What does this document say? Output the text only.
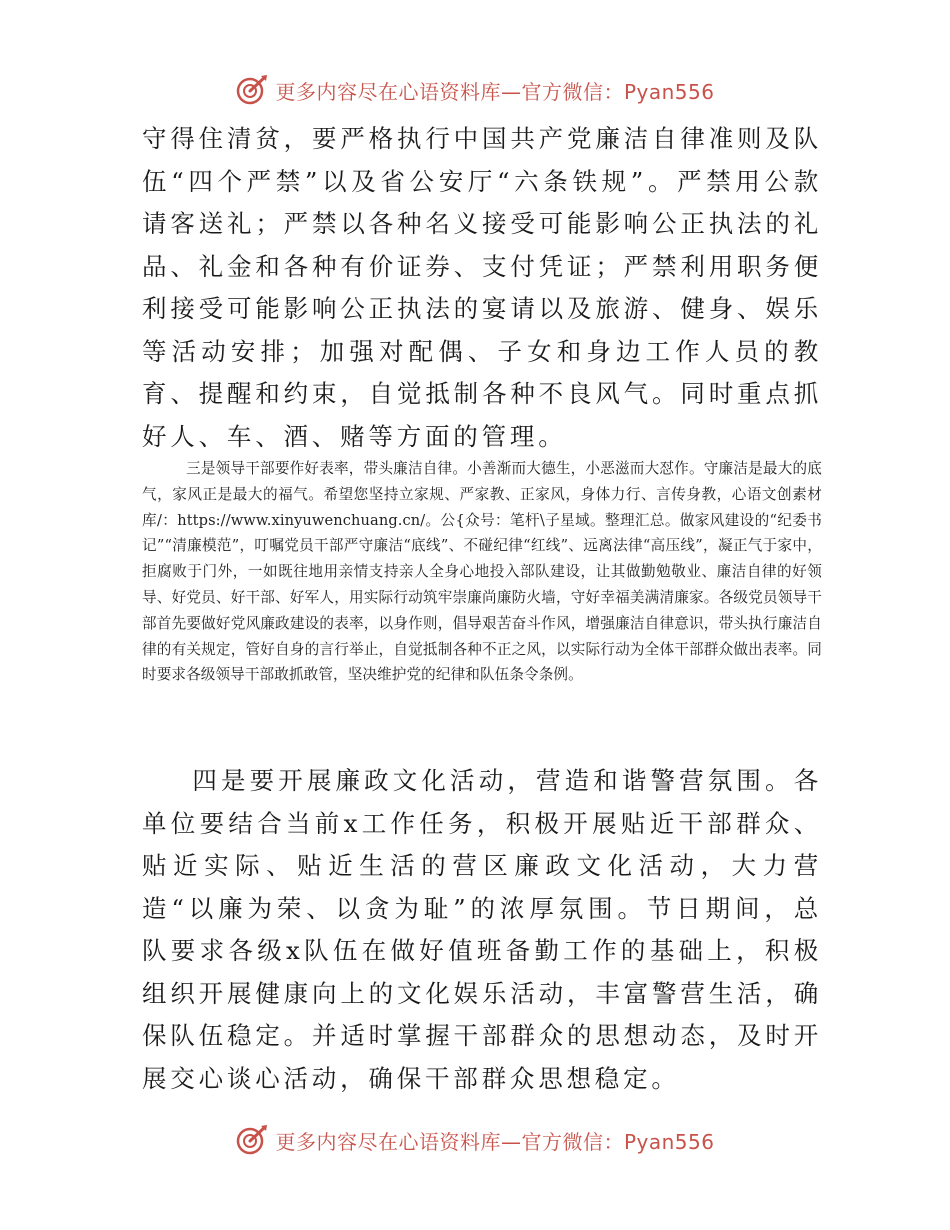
更多内容尽在心语资料库—官方微信：Pyan556

守得住清贫，要严格执行中国共产党廉洁自律准则及队伍“四个严禁”以及省公安厅“六条铁规”。严禁用公款请客送礼；严禁以各种名义接受可能影响公正执法的礼品、礼金和各种有价证券、支付凭证；严禁利用职务便利接受可能影响公正执法的宴请以及旅游、健身、娱乐等活动安排；加强对配偶、子女和身边工作人员的教育、提醒和约束，自觉抵制各种不良风气。同时重点抓好人、车、酒、赌等方面的管理。

三是领导干部要作好表率，带头廉洁自律。小善渐而大德生，小恶滋而大怼作。守廉洁是最大的底气，家风正是最大的福气。希望您坚持立家规、严家教、正家风，身体力行、言传身教，心语文创素材库/：https://www.xinyuwenchuang.cn/。公{众号：笔杆\子星域。整理汇总。做家风建设的“纪委书记”“清廉模范”，叮嘱党员干部严守廉洁“底线”、不碰纪律“红线”、远离法律“高压线”，凝正气于家中，拒腐败于门外，一如既往地用亲情支持亲人全身心地投入部队建设，让其做勤勉敬业、廉洁自律的好领导、好党员、好干部、好军人，用实际行动筑牢崇廉尚廉防火墙，守好幸福美满清廉家。各级党员领导干部首先要做好党风廉政建设的表率，以身作则，倡导艰苦奋斗作风，增强廉洁自律意识，带头执行廉洁自律的有关规定，管好自身的言行举止，自觉抵制各种不正之风，以实际行动为全体干部群众做出表率。同时要求各级领导干部敢抓敢管，坚决维护党的纪律和队伍条令条例。

四是要开展廉政文化活动，营造和谐警营氛围。各单位要结合当前x工作任务，积极开展贴近干部群众、贴近实际、贴近生活的营区廉政文化活动，大力营造“以廉为荣、以贪为耻”的浓厚氛围。节日期间，总队要求各级x队伍在做好值班备勤工作的基础上，积极组织开展健康向上的文化娱乐活动，丰富警营生活，确保队伍稳定。并适时掌握干部群众的思想动态，及时开展交心谈心活动，确保干部群众思想稳定。

更多内容尽在心语资料库—官方微信：Pyan556
